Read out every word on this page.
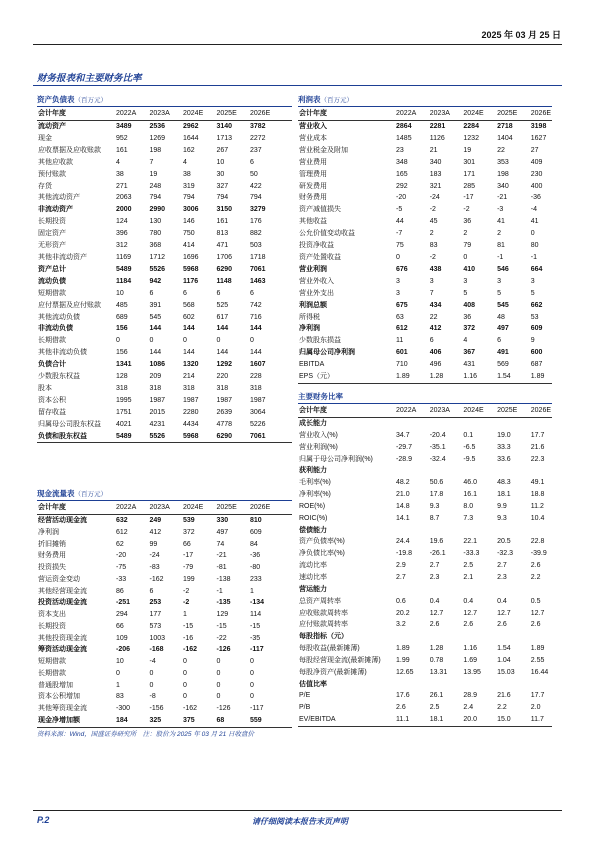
2025 年 03 月 25 日
财务报表和主要财务比率
资产负债表（百万元）
会计年度	2022A	2023A	2024E	2025E	2026E
流动资产	3489	2536	2962	3140	3782
现金	952	1269	1644	1713	2272
应收票据及应收账款	161	198	162	267	237
其他应收款	4	7	4	10	6
预付账款	38	19	38	30	50
存货	271	248	319	327	422
其他流动资产	2063	794	794	794	794
非流动资产	2000	2990	3006	3150	3279
长期投资	124	130	146	161	176
固定资产	396	780	750	813	882
无形资产	312	368	414	471	503
其他非流动资产	1169	1712	1696	1706	1718
资产总计	5489	5526	5968	6290	7061
流动负债	1184	942	1176	1148	1463
短期借款	10	6	6	6	6
应付票据及应付账款	485	391	568	525	742
其他流动负债	689	545	602	617	716
非流动负债	156	144	144	144	144
长期借款	0	0	0	0	0
其他非流动负债	156	144	144	144	144
负债合计	1341	1086	1320	1292	1607
少数股东权益	128	209	214	220	228
股本	318	318	318	318	318
资本公积	1995	1987	1987	1987	1987
留存收益	1751	2015	2280	2639	3064
归属母公司股东权益	4021	4231	4434	4778	5226
负债和股东权益	5489	5526	5968	6290	7061
利润表（百万元）
会计年度	2022A	2023A	2024E	2025E	2026E
营业收入	2864	2281	2284	2718	3198
营业成本	1485	1126	1232	1404	1627
营业税金及附加	23	21	19	22	27
营业费用	348	340	301	353	409
管理费用	165	183	171	198	230
研发费用	292	321	285	340	400
财务费用	-20	-24	-17	-21	-36
资产减值损失	-5	-2	-2	-3	-4
其他收益	44	45	36	41	41
公允价值变动收益	-7	2	2	2	0
投资净收益	75	83	79	81	80
资产处置收益	0	-2	0	-1	-1
营业利润	676	438	410	546	664
营业外收入	3	3	3	3	3
营业外支出	3	7	5	5	5
利润总额	675	434	408	545	662
所得税	63	22	36	48	53
净利润	612	412	372	497	609
少数股东损益	11	6	4	6	9
归属母公司净利润	601	406	367	491	600
EBITDA	710	496	431	569	687
EPS（元）	1.89	1.28	1.16	1.54	1.89
主要财务比率
会计年度	2022A	2023A	2024E	2025E	2026E
成长能力					
营业收入(%)	34.7	-20.4	0.1	19.0	17.7
营业利润(%)	-29.7	-35.1	-6.5	33.3	21.6
归属于母公司净利润(%)	-28.9	-32.4	-9.5	33.6	22.3
获利能力					
毛利率(%)	48.2	50.6	46.0	48.3	49.1
净利率(%)	21.0	17.8	16.1	18.1	18.8
ROE(%)	14.8	9.3	8.0	9.9	11.2
ROIC(%)	14.1	8.7	7.3	9.3	10.4
偿债能力					
资产负债率(%)	24.4	19.6	22.1	20.5	22.8
净负债比率(%)	-19.8	-26.1	-33.3	-32.3	-39.9
流动比率	2.9	2.7	2.5	2.7	2.6
速动比率	2.7	2.3	2.1	2.3	2.2
营运能力					
总资产周转率	0.6	0.4	0.4	0.4	0.5
应收账款周转率	20.2	12.7	12.7	12.7	12.7
应付账款周转率	3.2	2.6	2.6	2.6	2.6
每股指标（元）					
每股收益(最新摊薄)	1.89	1.28	1.16	1.54	1.89
每股经营现金流(最新摊薄)	1.99	0.78	1.69	1.04	2.55
每股净资产(最新摊薄)	12.65	13.31	13.95	15.03	16.44
估值比率					
P/E	17.6	26.1	28.9	21.6	17.7
P/B	2.6	2.5	2.4	2.2	2.0
EV/EBITDA	11.1	18.1	20.0	15.0	11.7
现金流量表（百万元）
会计年度	2022A	2023A	2024E	2025E	2026E
经营活动现金流	632	249	539	330	810
净利润	612	412	372	497	609
折旧摊销	62	99	66	74	84
财务费用	-20	-24	-17	-21	-36
投资损失	-75	-83	-79	-81	-80
营运资金变动	-33	-162	199	-138	233
其他经营现金流	86	6	-2	-1	1
投资活动现金流	-251	253	-2	-135	-134
资本支出	294	177	1	129	114
长期投资	66	573	-15	-15	-15
其他投资现金流	109	1003	-16	-22	-35
筹资活动现金流	-206	-168	-162	-126	-117
短期借款	10	-4	0	0	0
长期借款	0	0	0	0	0
普通股增加	1	0	0	0	0
资本公积增加	83	-8	0	0	0
其他筹资现金流	-300	-156	-162	-126	-117
现金净增加额	184	325	375	68	559
资料来源：Wind，国盛证券研究所　注：股价为 2025 年 03 月 21 日收盘价
P.2	请仔细阅读本报告末页声明
